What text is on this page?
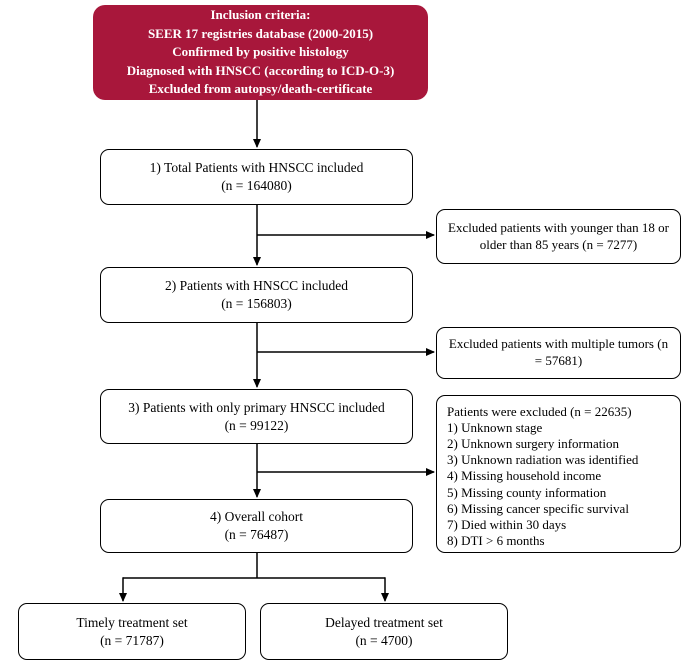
Inclusion criteria:
SEER 17 registries database (2000-2015)
Confirmed by positive histology
Diagnosed with HNSCC (according to ICD-O-3)
Excluded from autopsy/death-certificate
1) Total Patients with HNSCC included
(n = 164080)
Excluded patients with younger than 18 or older than 85 years (n = 7277)
2) Patients with HNSCC included
(n = 156803)
Excluded patients with multiple tumors (n = 57681)
3) Patients with only primary HNSCC included
(n = 99122)
Patients were excluded (n = 22635)
1) Unknown stage
2) Unknown surgery information
3) Unknown radiation was identified
4) Missing household income
5) Missing county information
6) Missing cancer specific survival
7) Died within 30 days
8) DTI > 6 months
4) Overall cohort
(n = 76487)
Timely treatment set
(n = 71787)
Delayed treatment set
(n = 4700)
